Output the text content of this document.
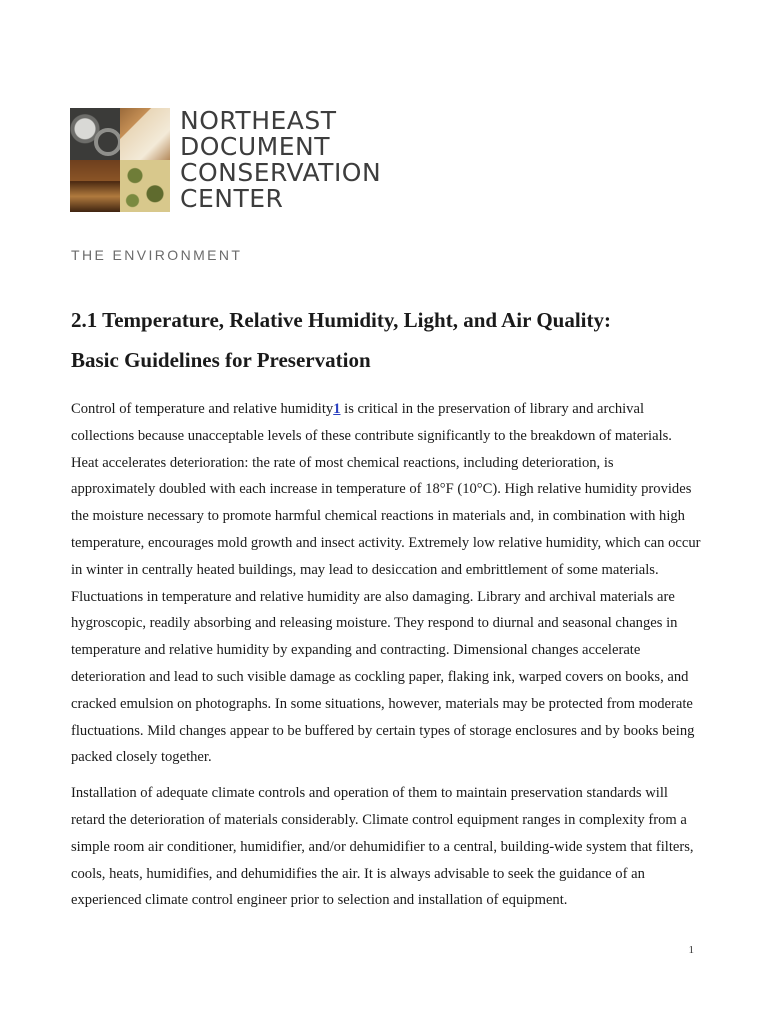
NORTHEAST
DOCUMENT
CONSERVATION
CENTER
THE ENVIRONMENT
2.1 Temperature, Relative Humidity, Light, and Air Quality:
Basic Guidelines for Preservation

Control of temperature and relative humidity1 is critical in the preservation of library and archival collections because unacceptable levels of these contribute significantly to the breakdown of materials. Heat accelerates deterioration: the rate of most chemical reactions, including deterioration, is approximately doubled with each increase in temperature of 18°F (10°C). High relative humidity provides the moisture necessary to promote harmful chemical reactions in materials and, in combination with high temperature, encourages mold growth and insect activity. Extremely low relative humidity, which can occur in winter in centrally heated buildings, may lead to desiccation and embrittlement of some materials.

Fluctuations in temperature and relative humidity are also damaging. Library and archival materials are hygroscopic, readily absorbing and releasing moisture. They respond to diurnal and seasonal changes in temperature and relative humidity by expanding and contracting. Dimensional changes accelerate deterioration and lead to such visible damage as cockling paper, flaking ink, warped covers on books, and cracked emulsion on photographs. In some situations, however, materials may be protected from moderate fluctuations. Mild changes appear to be buffered by certain types of storage enclosures and by books being packed closely together.

Installation of adequate climate controls and operation of them to maintain preservation standards will retard the deterioration of materials considerably. Climate control equipment ranges in complexity from a simple room air conditioner, humidifier, and/or dehumidifier to a central, building-wide system that filters, cools, heats, humidifies, and dehumidifies the air. It is always advisable to seek the guidance of an experienced climate control engineer prior to selection and installation of equipment.

1
